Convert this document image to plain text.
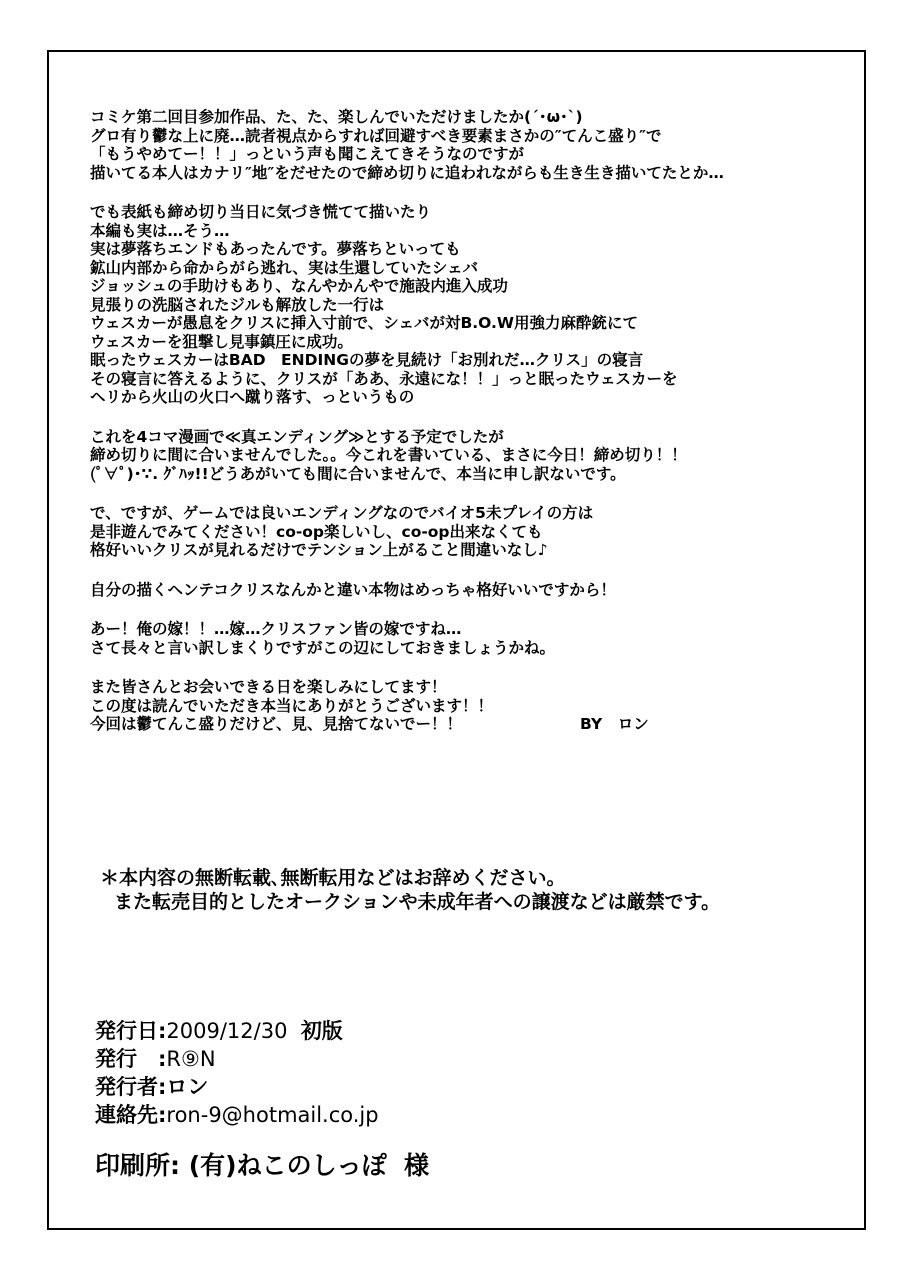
コミケ第二回目参加作品、た、た、楽しんでいただけましたか(´･ω･`)
グロ有り鬱な上に廃…読者視点からすれば回避すべき要素まさかの″てんこ盛り″で
「もうやめてー！！」っという声も聞こえてきそうなのですが
描いてる本人はカナリ″地″をだせたので締め切りに追われながらも生き生き描いてたとか…
でも表紙も締め切り当日に気づき慌てて描いたり
本編も実は…そう…
実は夢落ちエンドもあったんです。夢落ちといっても
鉱山内部から命からがら逃れ、実は生還していたシェバ
ジョッシュの手助けもあり、なんやかんやで施設内進入成功
見張りの洗脳されたジルも解放した一行は
ウェスカーが愚息をクリスに挿入寸前で、シェバが対B.O.W用強力麻酔銃にて
ウェスカーを狙撃し見事鎮圧に成功。
眠ったウェスカーはBAD　ENDINGの夢を見続け「お別れだ…クリス」の寝言
その寝言に答えるように、クリスが「ああ、永遠にな！！」っと眠ったウェスカーを
ヘリから火山の火口へ蹴り落す、っというもの
これを4コマ漫画で≪真エンディング≫とする予定でしたが
締め切りに間に合いませんでした。。今これを書いている、まさに今日！締め切り！！
(ﾟ∀ﾟ)･∵. ｸﾞﾊｯ!!どうあがいても間に合いませんで、本当に申し訳ないです。
で、ですが、ゲームでは良いエンディングなのでバイオ5未プレイの方は
是非遊んでみてください！co-op楽しいし、co-op出来なくても
格好いいクリスが見れるだけでテンション上がること間違いなし♪
自分の描くヘンテコクリスなんかと違い本物はめっちゃ格好いいですから！
あー！俺の嫁！！…嫁…クリスファン皆の嫁ですね…
さて長々と言い訳しまくりですがこの辺にしておきましょうかね。
また皆さんとお会いできる日を楽しみにしてます！
この度は読んでいただき本当にありがとうございます！！
今回は鬱てんこ盛りだけど、見、見捨てないでー！！	BY　ロン
＊本内容の無断転載､無断転用などはお辞めください。
また転売目的としたオークションや未成年者への譲渡などは厳禁です。
発行日:2009/12/30 初版
発行　:R⑨N
発行者:ロン
連絡先:ron-9@hotmail.co.jp
印刷所: (有)ねこのしっぽ 様
